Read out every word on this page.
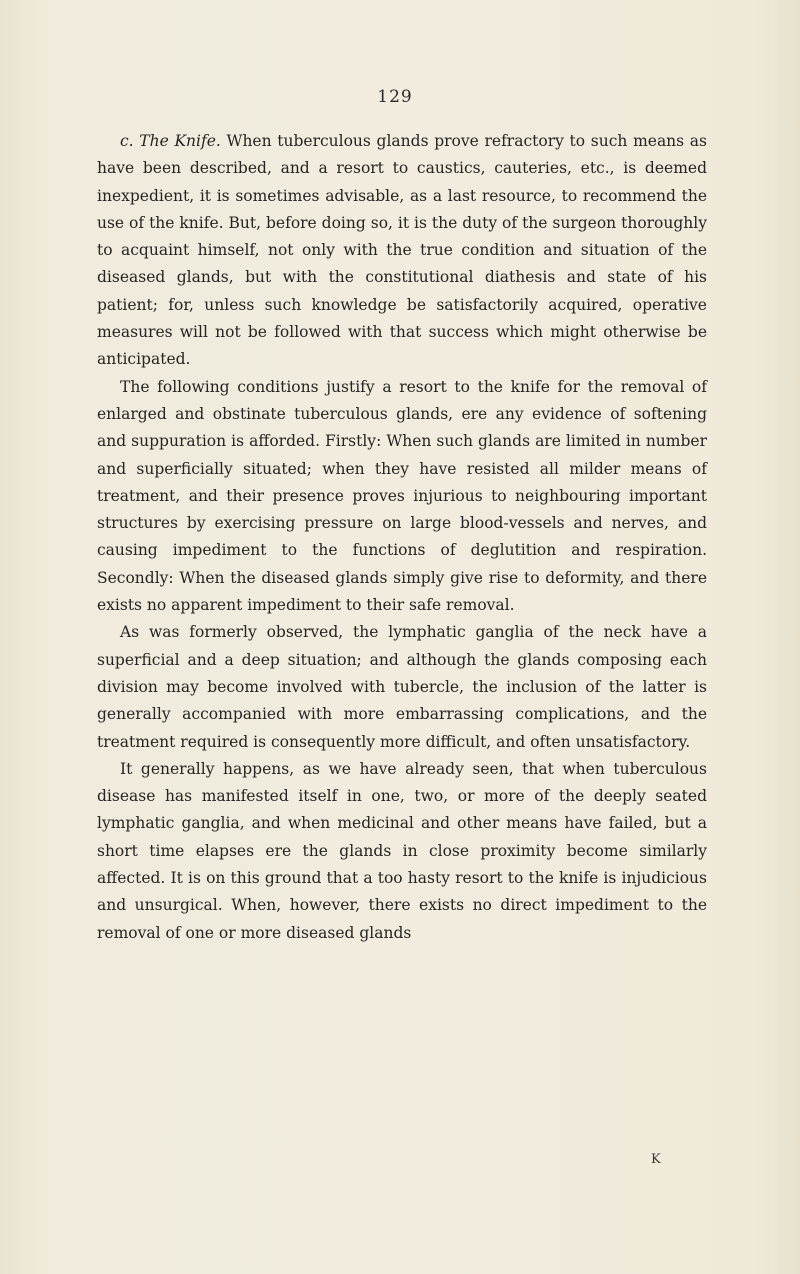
129

c. The Knife. When tuberculous glands prove refractory to such means as have been described, and a resort to caustics, cauteries, etc., is deemed inexpedient, it is sometimes advisable, as a last resource, to recommend the use of the knife. But, before doing so, it is the duty of the surgeon thoroughly to acquaint himself, not only with the true condition and situation of the diseased glands, but with the constitutional diathesis and state of his patient; for, unless such knowledge be satisfactorily acquired, operative measures will not be followed with that success which might otherwise be anticipated.

The following conditions justify a resort to the knife for the removal of enlarged and obstinate tuberculous glands, ere any evidence of softening and suppuration is afforded. Firstly: When such glands are limited in number and superficially situated; when they have resisted all milder means of treatment, and their presence proves injurious to neighbouring important structures by exercising pressure on large blood-vessels and nerves, and causing impediment to the functions of deglutition and respiration. Secondly: When the diseased glands simply give rise to deformity, and there exists no apparent impediment to their safe removal.

As was formerly observed, the lymphatic ganglia of the neck have a superficial and a deep situation; and although the glands composing each division may become involved with tubercle, the inclusion of the latter is generally accompanied with more embarrassing complications, and the treatment required is consequently more difficult, and often unsatisfactory.

It generally happens, as we have already seen, that when tuberculous disease has manifested itself in one, two, or more of the deeply seated lymphatic ganglia, and when medicinal and other means have failed, but a short time elapses ere the glands in close proximity become similarly affected. It is on this ground that a too hasty resort to the knife is injudicious and unsurgical. When, however, there exists no direct impediment to the removal of one or more diseased glands

K
